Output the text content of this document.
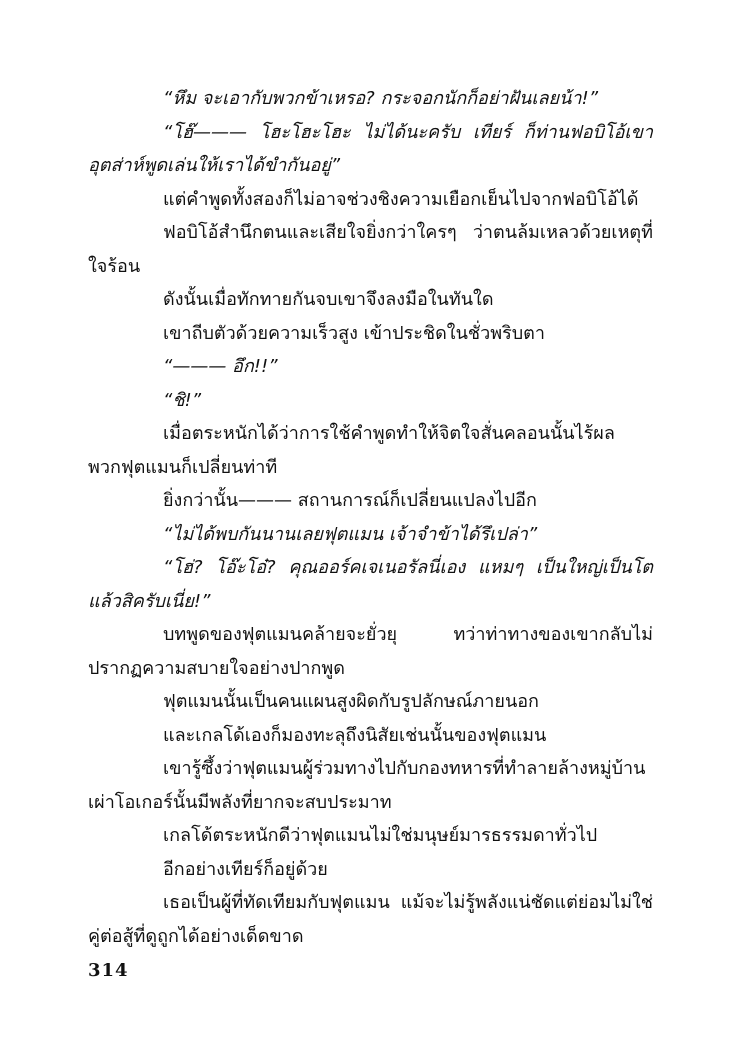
“หึม จะเอากับพวกข้าเหรอ? กระจอกนักก็อย่าฝันเลยน้า!”

“โฮ๊——— โฮะโฮะโฮะ ไม่ได้นะครับ เทียร์ ก็ท่านฟอบิโอ้เขาอุตส่าห์พูดเล่นให้เราได้ขำกันอยู่”

แต่คำพูดทั้งสองก็ไม่อาจช่วงชิงความเยือกเย็นไปจากฟอบิโอ้ได้

ฟอบิโอ้สำนึกตนและเสียใจยิ่งกว่าใครๆ ว่าตนล้มเหลวด้วยเหตุที่ใจร้อน

ดังนั้นเมื่อทักทายกันจบเขาจึงลงมือในทันใด

เขาถีบตัวด้วยความเร็วสูง เข้าประชิดในชั่วพริบตา

“——— อึก!!”

“ชิ!”

เมื่อตระหนักได้ว่าการใช้คำพูดทำให้จิตใจสั่นคลอนนั้นไร้ผล พวกฟุตแมนก็เปลี่ยนท่าที

ยิ่งกว่านั้น——— สถานการณ์ก็เปลี่ยนแปลงไปอีก

“ไม่ได้พบกันนานเลยฟุตแมน เจ้าจำข้าได้รึเปล่า”

“โฮ่? โอ๊ะโอ๋? คุณออร์คเจเนอรัลนี่เอง แหมๆ เป็นใหญ่เป็นโตแล้วสิครับเนี่ย!”

บทพูดของฟุตแมนคล้ายจะยั่วยุ ทว่าท่าทางของเขากลับไม่ปรากฏความสบายใจอย่างปากพูด

ฟุตแมนนั้นเป็นคนแผนสูงผิดกับรูปลักษณ์ภายนอก

และเกลโด้เองก็มองทะลุถึงนิสัยเช่นนั้นของฟุตแมน

เขารู้ซึ้งว่าฟุตแมนผู้ร่วมทางไปกับกองทหารที่ทำลายล้างหมู่บ้านเผ่าโอเกอร์นั้นมีพลังที่ยากจะสบประมาท

เกลโด้ตระหนักดีว่าฟุตแมนไม่ใช่มนุษย์มารธรรมดาทั่วไป

อีกอย่างเทียร์ก็อยู่ด้วย

เธอเป็นผู้ที่ทัดเทียมกับฟุตแมน แม้จะไม่รู้พลังแน่ชัดแต่ย่อมไม่ใช่คู่ต่อสู้ที่ดูถูกได้อย่างเด็ดขาด

314
